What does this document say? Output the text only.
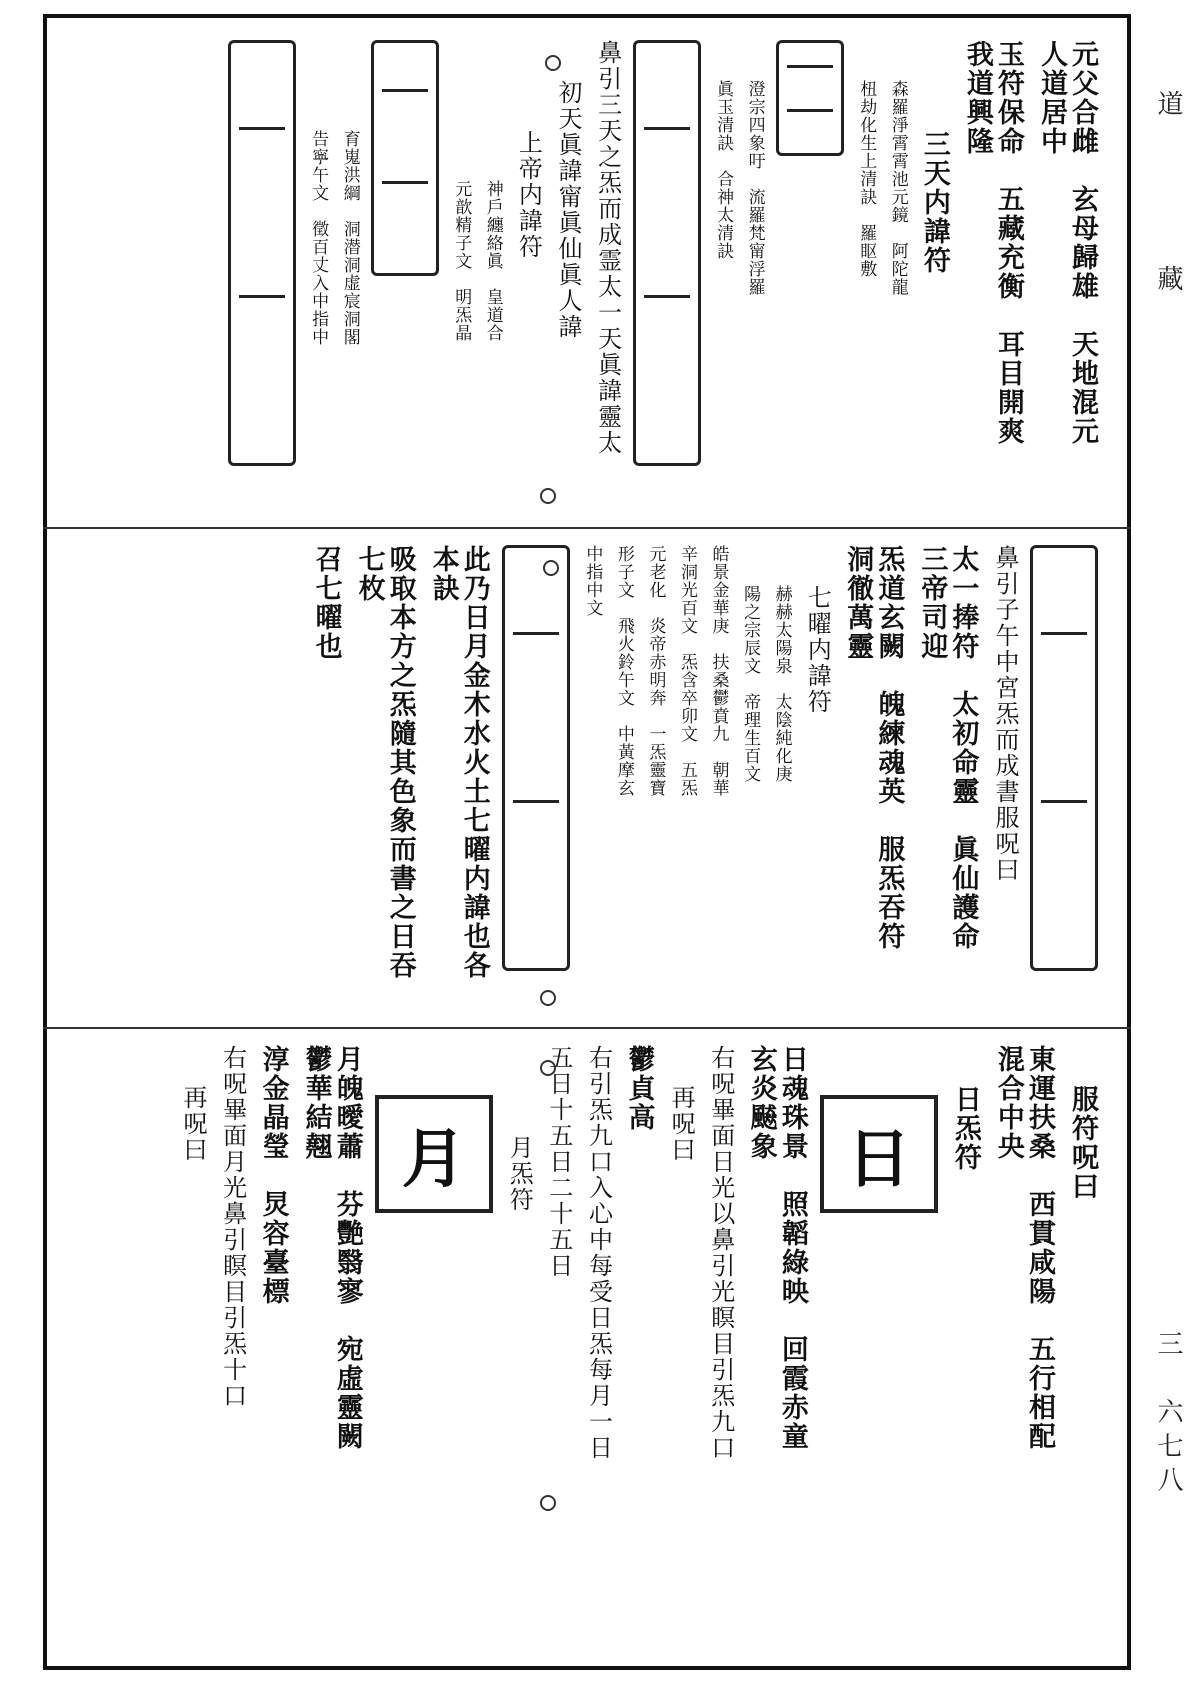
道
藏
三　六七八
元父合雌　玄母歸雄　天地混元　人道居中
玉符保命　五藏充衡　耳目開爽　我道興隆
三天内諱符
森羅淨霄霄池元鏡　阿陀龍
杻劫化生上清訣　羅眍敷
澄宗四象吁　流羅梵甯浮羅
眞玉清訣　合神太清訣
鼻引三天之炁而成霊太一天眞諱靈太
初天眞諱甯眞仙眞人諱
上帝内諱符
神戶纏絡眞　皇道合
元歆精子文　明炁晶
育嵬洪綱　洞潜洞虚宸洞閣
告寧午文　徵百丈入中指中
鼻引子午中宮炁而成書服呪曰
太一捧符　太初命靈　眞仙護命　三帝司迎
炁道玄闕　魄練魂英　服炁吞符　洞徹萬靈
七曜内諱符
赫赫太陽泉　太陰純化庚
陽之宗辰文　帝理生百文
皓景金華庚　扶桑鬱賁九　朝華
辛洞光百文　炁含卒卯文　五炁
元老化　炎帝赤明奔　一炁靈寶
形子文　飛火鈴午文　中黃摩玄
中指中文
此乃日月金木水火土七曜内諱也各本訣
吸取本方之炁隨其色象而書之日吞七枚
召七曜也
服符呪曰
東運扶桑　西貫咸陽　五行相配　混合中央
日炁符
日
日魂珠景　照韜綠映　回霞赤童　玄炎飇象
右呪畢面日光以鼻引光瞑目引炁九口
再呪曰
鬱貞高
右引炁九口入心中每受日炁每月一日
五日十五日二十五日
月炁符
月
月魄曖蕭　芬艷翳寥　宛虛靈闕　鬱華結翹
淳金晶瑩　炅容臺標
右呪畢面月光鼻引瞑目引炁十口
再呪曰
